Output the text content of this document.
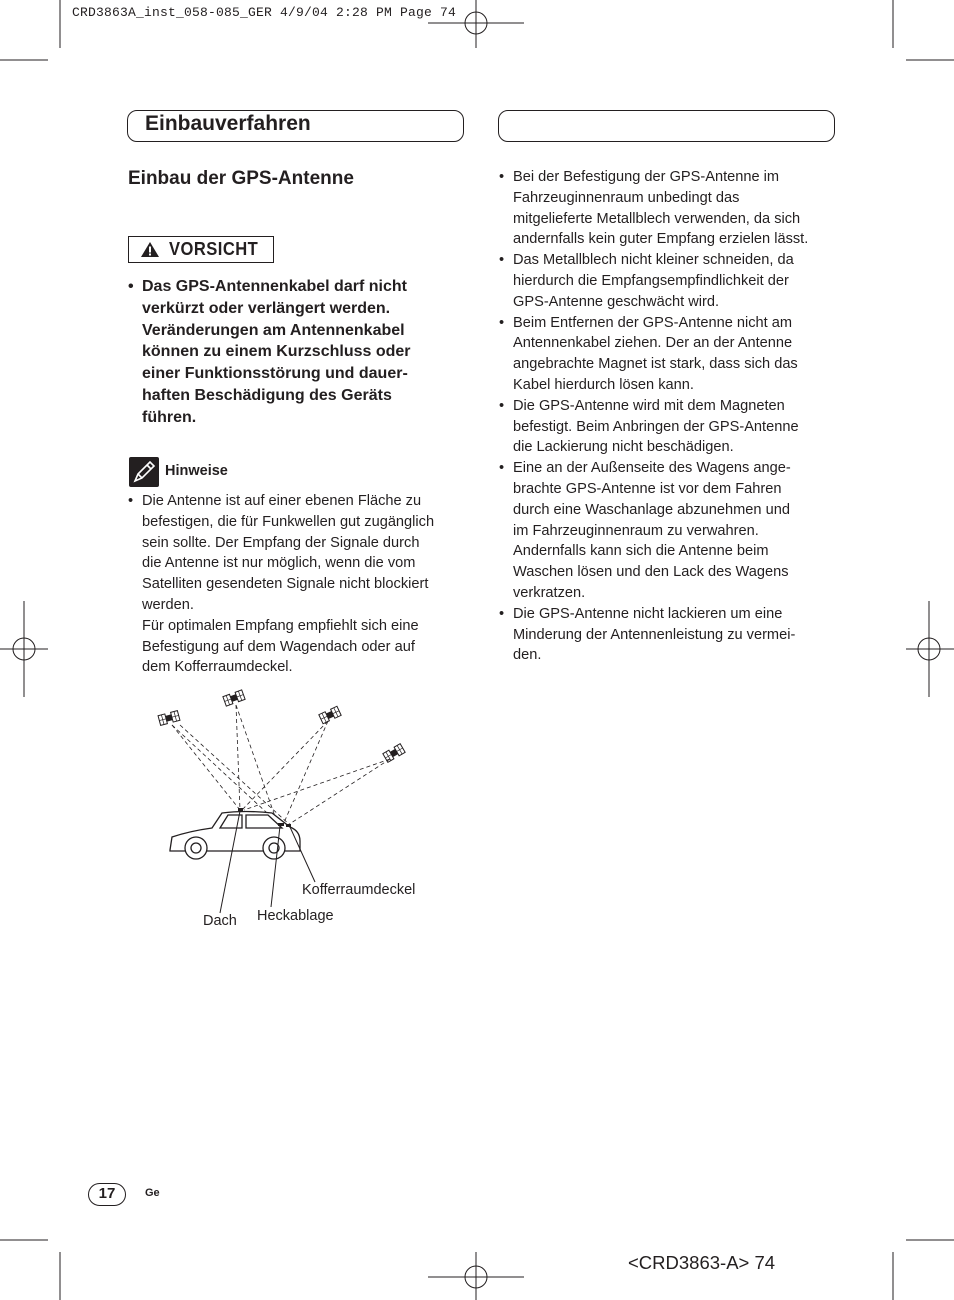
CRD3863A_inst_058-085_GER 4/9/04 2:28 PM Page 74
Einbauverfahren
Einbau der GPS-Antenne
VORSICHT
• Das GPS-Antennenkabel darf nicht
verkürzt oder verlängert werden.
Veränderungen am Antennenkabel
können zu einem Kurzschluss oder
einer Funktionsstörung und dauer-
haften Beschädigung des Geräts
führen.
Hinweise
• Die Antenne ist auf einer ebenen Fläche zu
befestigen, die für Funkwellen gut zugänglich
sein sollte. Der Empfang der Signale durch
die Antenne ist nur möglich, wenn die vom
Satelliten gesendeten Signale nicht blockiert
werden.
Für optimalen Empfang empfiehlt sich eine
Befestigung auf dem Wagendach oder auf
dem Kofferraumdeckel.
Dach Heckablage
Kofferraumdeckel
• Bei der Befestigung der GPS-Antenne im
Fahrzeuginnenraum unbedingt das
mitgelieferte Metallblech verwenden, da sich
andernfalls kein guter Empfang erzielen lässt.
• Das Metallblech nicht kleiner schneiden, da
hierdurch die Empfangsempfindlichkeit der
GPS-Antenne geschwächt wird.
• Beim Entfernen der GPS-Antenne nicht am
Antennenkabel ziehen. Der an der Antenne
angebrachte Magnet ist stark, dass sich das
Kabel hierdurch lösen kann.
• Die GPS-Antenne wird mit dem Magneten
befestigt. Beim Anbringen der GPS-Antenne
die Lackierung nicht beschädigen.
• Eine an der Außenseite des Wagens ange-
brachte GPS-Antenne ist vor dem Fahren
durch eine Waschanlage abzunehmen und
im Fahrzeuginnenraum zu verwahren.
Andernfalls kann sich die Antenne beim
Waschen lösen und den Lack des Wagens
verkratzen.
• Die GPS-Antenne nicht lackieren um eine
Minderung der Antennenleistung zu vermei-
den.
17	Ge
<CRD3863-A> 74
